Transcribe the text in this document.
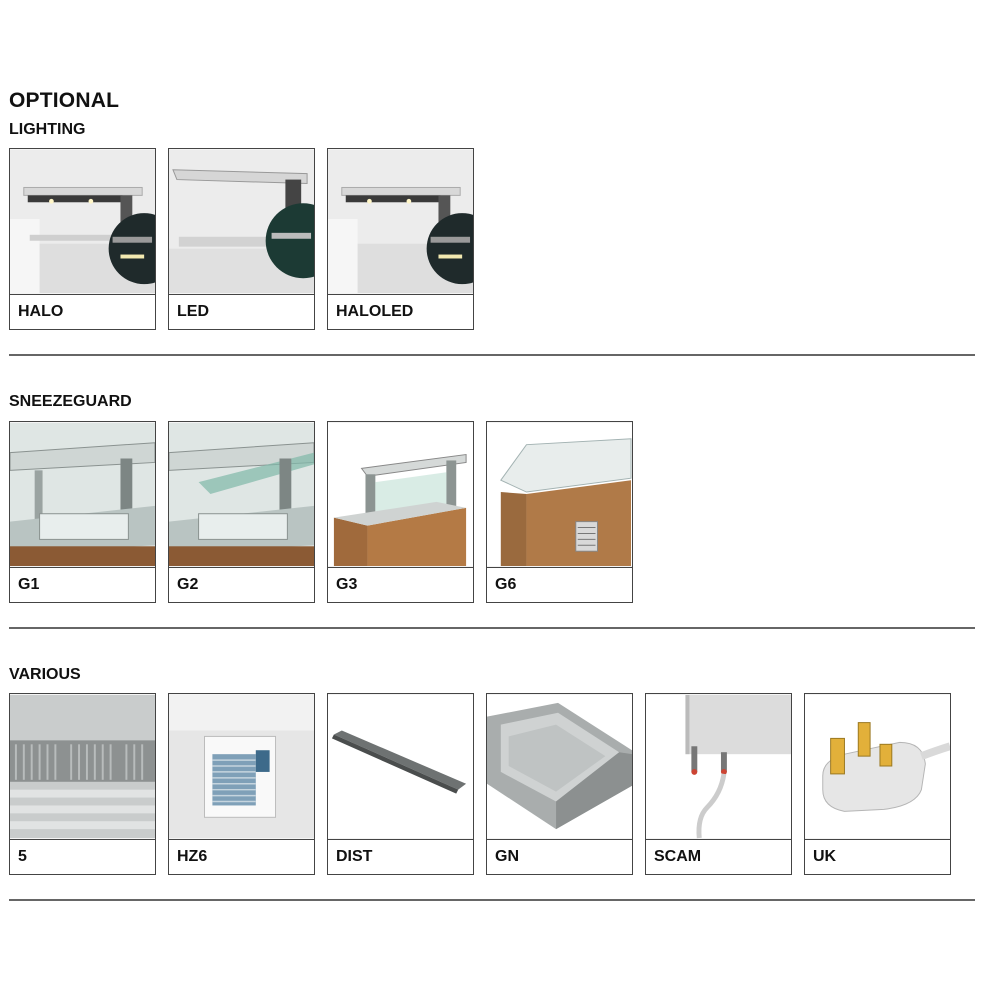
OPTIONAL
LIGHTING
HALO	LED	HALOLED
SNEEZEGUARD
G1	G2	G3	G6
VARIOUS
5	HZ6	DIST	GN	SCAM	UK
